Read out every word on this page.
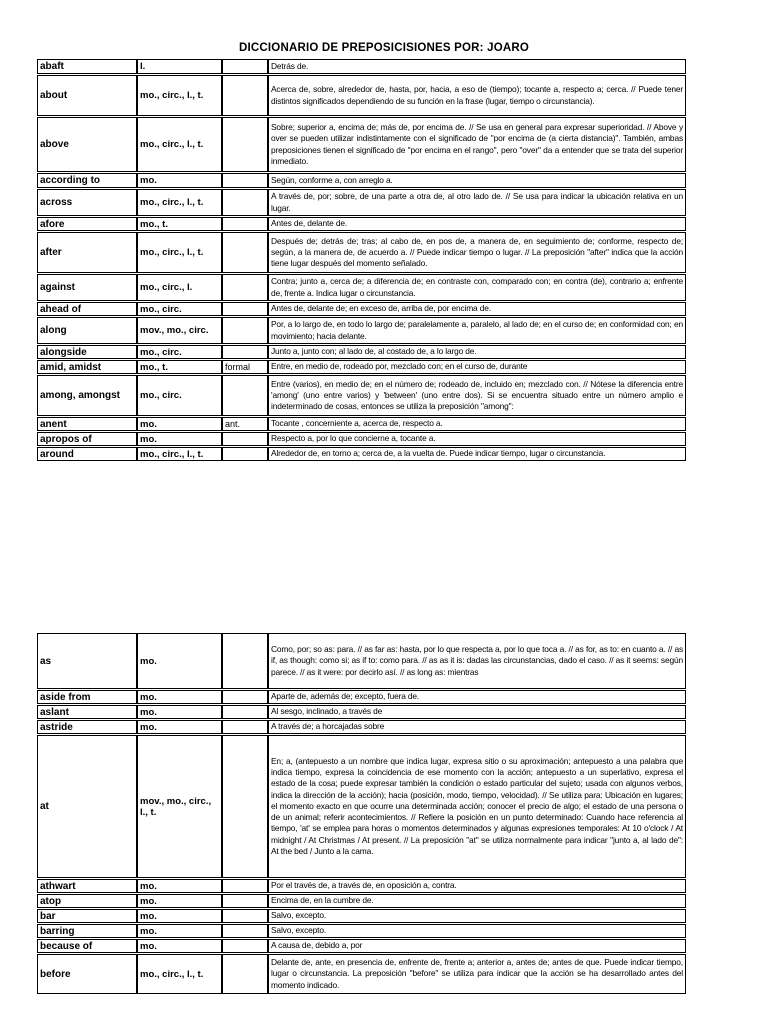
DICCIONARIO DE PREPOSICISIONES POR: JOARO
abaft	l.		Detrás de.
about	mo., circ., l., t.		Acerca de, sobre, alrededor de, hasta, por, hacia, a eso de (tiempo); tocante a, respecto a; cerca. // Puede tener distintos significados dependiendo de su función en la frase (lugar, tiempo o circunstancia).
above	mo., circ., l., t.		Sobre; superior a, encima de; más de, por encima de. // Se usa en general para expresar superioridad. // Above y over se pueden utilizar indistintamente con el significado de "por encima de (a cierta distancia)". También, ambas preposiciones tienen el significado de "por encima en el rango", pero "over" da a entender que se trata del superior inmediato.
according to	mo.		Según, conforme a, con arreglo a.
across	mo., circ., l., t.		A través de, por; sobre, de una parte a otra de, al otro lado de. // Se usa para indicar la ubicación relativa en un lugar.
afore	mo., t.		Antes de, delante de.
after	mo., circ., l., t.		Después de; detrás de; tras; al cabo de, en pos de, a manera de, en seguimiento de; conforme, respecto de; según, a la manera de, de acuerdo a. // Puede indicar tiempo o lugar. // La preposición "after" indica que la acción tiene lugar después del momento señalado.
against	mo., circ., l.		Contra; junto a, cerca de; a diferencia de; en contraste con, comparado con; en contra (de), contrario a; enfrente de, frente a. Indica lugar o circunstancia.
ahead of	mo., circ.		Antes de, delante de; en exceso de, arriba de, por encima de.
along	mov., mo., circ.		Por, a lo largo de, en todo lo largo de; paralelamente a, paralelo, al lado de; en el curso de; en conformidad con; en movimiento; hacia delante.
alongside	mo., circ.		Junto a, junto con; al lado de, al costado de, a lo largo de.
amid, amidst	mo., t.	formal	Entre, en medio de, rodeado por, mezclado con; en el curso de, durante
among, amongst	mo., circ.		Entre (varios), en medio de; en el número de; rodeado de, incluido en; mezclado con. // Nótese la diferencia entre 'among' (uno entre varios) y 'between' (uno entre dos). Si se encuentra situado entre un número amplio e indeterminado de cosas, entonces se utiliza la preposición "among":
anent	mo.	ant.	Tocante , concerniente a, acerca de, respecto a.
apropos of	mo.		Respecto a, por lo que concierne a, tocante a.
around	mo., circ., l., t.		Alrededor de, en torno a; cerca de, a la vuelta de. Puede indicar tiempo, lugar o circunstancia.
as	mo.		Como, por; so as: para. // as far as: hasta, por lo que respecta a, por lo que toca a. // as for, as to: en cuanto a. // as if, as though: como si; as if to: como para. // as as it is: dadas las circunstancias, dado el caso. // as it seems: según parece. // as it were: por decirlo así. // as long as: mientras
aside from	mo.		Aparte de, además de; excepto, fuera de.
aslant	mo.		Al sesgo, inclinado, a través de
astride	mo.		A través de; a horcajadas sobre
at	mov., mo., circ., l., t.		En; a, (antepuesto a un nombre que indica lugar, expresa sitio o su aproximación; antepuesto a una palabra que indica tiempo, expresa la coincidencia de ese momento con la acción; antepuesto a un superlativo, expresa el estado de la cosa; puede expresar también la condición o estado particular del sujeto; usada con algunos verbos, indica la dirección de la acción); hacia (posición, modo, tiempo, velocidad). // Se utiliza para: Ubicación en lugares; el momento exacto en que ocurre una determinada acción; conocer el precio de algo; el estado de una persona o de un animal; referir acontecimientos. // Refiere la posición en un punto determinado: Cuando hace referencia al tiempo, 'at' se emplea para horas o momentos determinados y algunas expresiones temporales: At 10 o'clock / At midnight / At Christmas / At present. // La preposición "at" se utiliza normalmente para indicar "junto a, al lado de": At the bed / Junto a la cama.
athwart	mo.		Por el través de, a través de, en oposición a, contra.
atop	mo.		Encima de, en la cumbre de.
bar	mo.		Salvo, excepto.
barring	mo.		Salvo, excepto.
because of	mo.		A causa de, debido a, por
before	mo., circ., l., t.		Delante de, ante, en presencia de, enfrente de, frente a; anterior a, antes de; antes de que. Puede indicar tiempo, lugar o circunstancia. La preposición "before" se utiliza para indicar que la acción se ha desarrollado antes del momento indicado.
